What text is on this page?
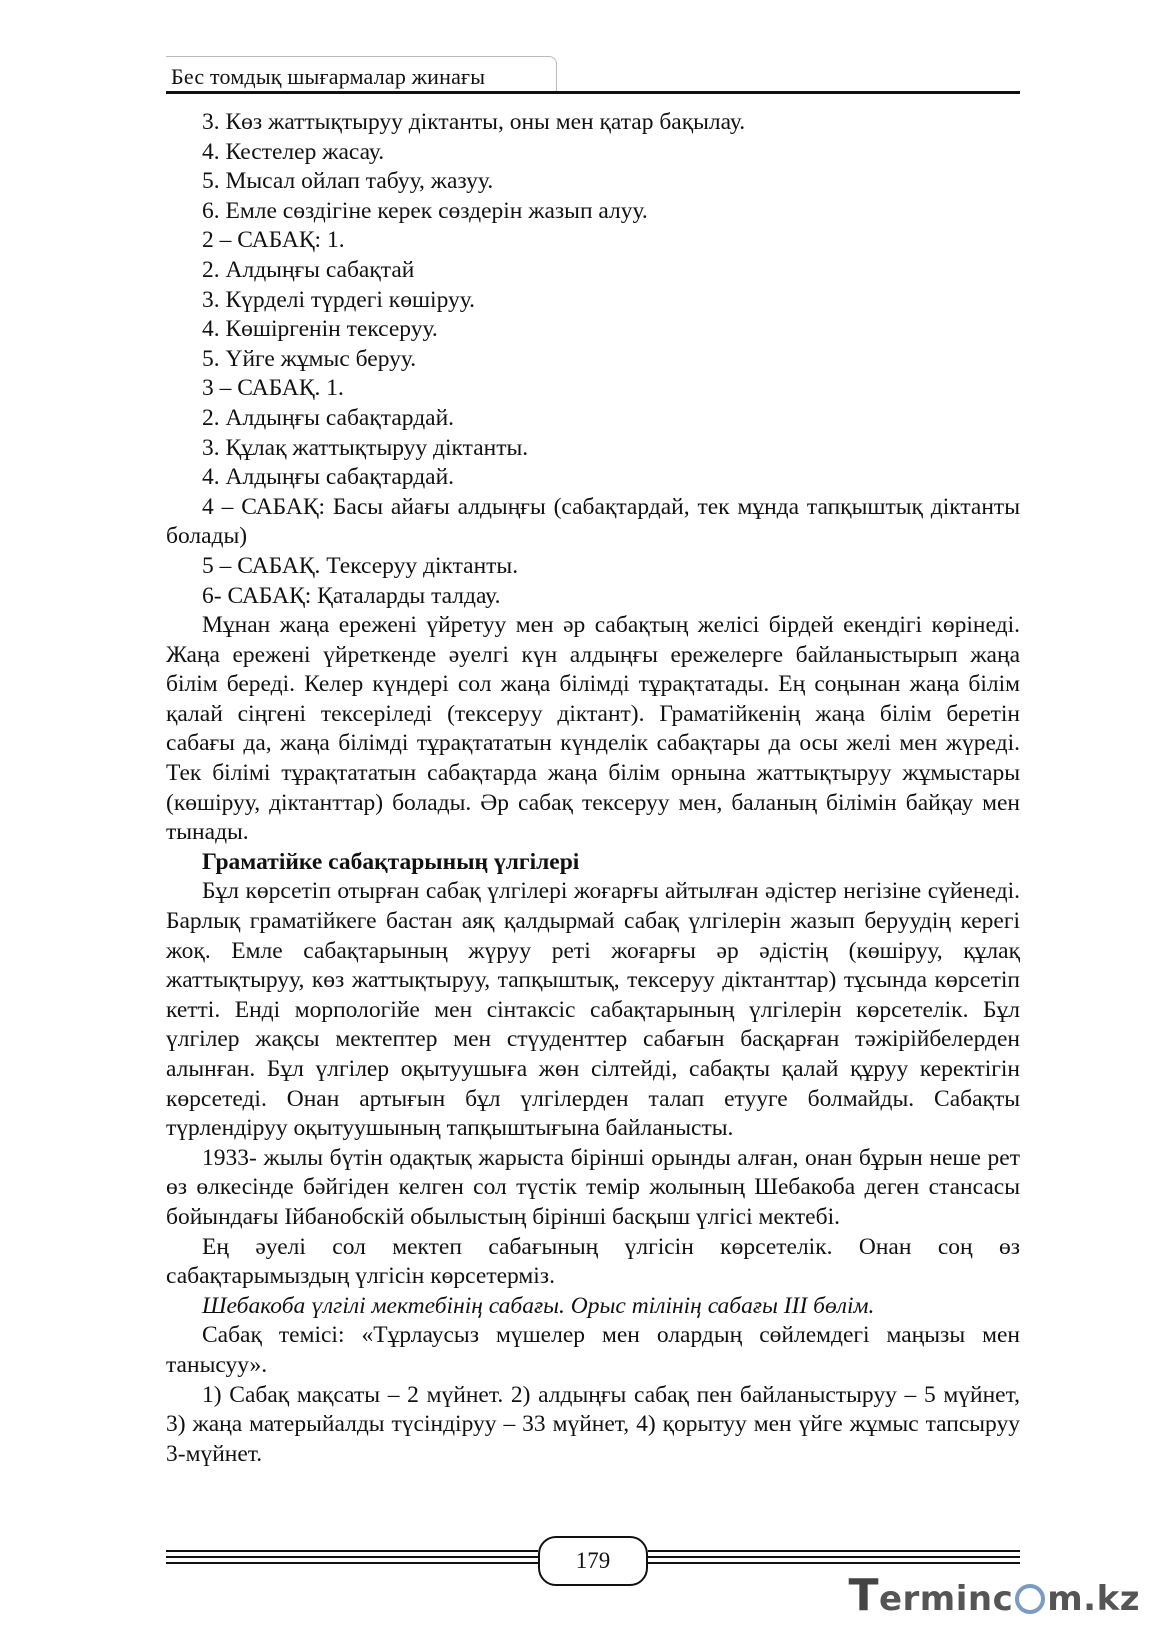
Бес томдық шығармалар жинағы

3. Көз жаттықтыруу діктанты, оны мен қатар бақылау.

4. Кестелер жасау.

5. Мысал ойлап табуу, жазуу.

6. Емле сөздігіне керек сөздерін жазып алуу.

2 – САБАҚ: 1.

2. Алдыңғы сабақтай

3. Күрделі түрдегі көшіруу.

4. Көшіргенін тексеруу.

5. Үйге жұмыс беруу.

3 – САБАҚ. 1.

2. Алдыңғы сабақтардай.

3. Құлақ жаттықтыруу діктанты.

4. Алдыңғы сабақтардай.

4 – САБАҚ: Басы айағы алдыңғы (сабақтардай, тек мұнда тапқыштық діктанты болады)

5 – САБАҚ. Тексеруу діктанты.

6- САБАҚ: Қаталарды талдау.

Мұнан жаңа ережені үйретуу мен әр сабақтың желісі бірдей екендігі көрінеді. Жаңа ережені үйреткенде әуелгі күн алдыңғы ережелерге байланыстырып жаңа білім береді. Келер күндері сол жаңа білімді тұрақтатады. Ең соңынан жаңа білім қалай сіңгені тексеріледі (тексеруу діктант). Граматійкенің жаңа білім беретін сабағы да, жаңа білімді тұрақтататын күнделік сабақтары да осы желі мен жүреді. Тек білімі тұрақтататын сабақтарда жаңа білім орнына жаттықтыруу жұмыстары (көшіруу, діктанттар) болады. Әр сабақ тексеруу мен, баланың білімін байқау мен тынады.

Граматійке сабақтарының үлгілері

Бұл көрсетіп отырған сабақ үлгілері жоғарғы айтылған әдістер негізіне сүйенеді. Барлық граматійкеге бастан аяқ қалдырмай сабақ үлгілерін жазып беруудің керегі жоқ. Емле сабақтарының жүруу реті жоғарғы әр әдістің (көшіруу, құлақ жаттықтыруу, көз жаттықтыруу, тапқыштық, тексеруу діктанттар) тұсында көрсетіп кетті. Енді морпологійе мен сінтаксіс сабақтарының үлгілерін көрсетелік. Бұл үлгілер жақсы мектептер мен стүуденттер сабағын басқарған тәжірійбелерден алынған. Бұл үлгілер оқытуушыға жөн сілтейді, сабақты қалай құруу керектігін көрсетеді. Онан артығын бұл үлгілерден талап етууге болмайды. Сабақты түрлендіруу оқытуушының тапқыштығына байланысты.

1933- жылы бүтін одақтық жарыста бірінші орынды алған, онан бұрын неше рет өз өлкесінде бәйгіден келген сол түстік темір жолының Шебакоба деген стансасы бойындағы Ійбанобскій обылыстың бірінші басқыш үлгісі мектебі.

Ең әуелі сол мектеп сабағының үлгісін көрсетелік. Онан соң өз сабақтарымыздың үлгісін көрсетерміз.

Шебакоба үлгілі мектебінің сабағы. Орыс тілінің сабағы III бөлім.

Сабақ темісі: «Тұрлаусыз мүшелер мен олардың сөйлемдегі маңызы мен танысуу».

1) Сабақ мақсаты – 2 мүйнет. 2) алдыңғы сабақ пен байланыстыруу – 5 мүйнет, 3) жаңа матерыйалды түсіндіруу – 33 мүйнет, 4) қорытуу мен үйге жұмыс тапсыруу 3-мүйнет.

179
Terminc m.kz
